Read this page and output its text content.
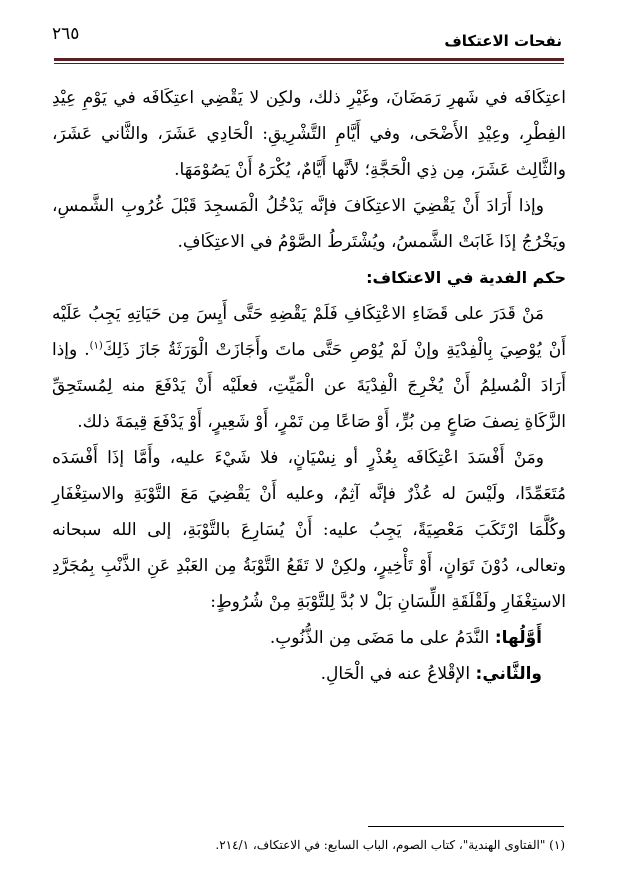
نفحات الاعتكاف
٢٦٥

اعتِكَافَه في شَهرِ رَمَضَانَ، وغَيْرِ ذلك، ولكِن لا يَقْضِي اعتِكَافَه في يَوْمِ عِيْدِ الفِطْرِ، وعِيْدِ الأَضْحَى، وفي أَيَّامِ التَّشْرِيقِ: الْحَادِي عَشَرَ، والثَّاني عَشَرَ، والثَّالِث عَشَرَ، مِن ذِي الْحَجَّةِ؛ لأنَّها أَيَّامٌ، يُكْرَهُ أَنْ يَصُوْمَهَا.

وإذا أَرَادَ أَنْ يَقْضِيَ الاعتِكَافَ فإنَّه يَدْخُلُ الْمَسجِدَ قَبْلَ غُرُوبِ الشَّمسِ، ويَخْرُجُ إذَا غَابَتْ الشَّمسُ، ويُشْتَرطُ الصَّوْمُ في الاعتِكَافِ.

حكم الفدية في الاعتكاف:

مَنْ قَدَرَ على قَضَاءِ الاعْتِكَافِ فَلَمْ يَقْضِهِ حَتَّى أَيِسَ مِن حَيَاتِهِ يَجِبُ عَلَيْه أَنْ يُوْصِيَ بِالْفِدْيَةِ وإنْ لَمْ يُوْصِ حَتَّى ماتَ وأَجَازَتْ الْوَرَثَةُ جَازَ ذَلِكَ$^{(١)}$. وإذا أَرَادَ الْمُسلِمُ أَنْ يُخْرِجَ الْفِدْيَةَ عن الْمَيِّتِ، فعلَيْه أَنْ يَدْفَعَ منه لِمُستَحِقِّ الزَّكَاةِ نِصفَ صَاعٍ مِن بُرٍّ، أَوْ صَاعًا مِن تَمْرٍ، أَوْ شَعِيرٍ، أَوْ يَدْفَعَ قِيمَةَ ذلك.

ومَنْ أَفْسَدَ اعْتِكَافَه بِعُذْرٍ أو نِسْيَانٍ، فلا شَيْءَ عليه، وأَمَّا إذَا أَفْسَدَه مُتَعَمِّدًا، ولَيْسَ له عُذْرٌ فإنَّه آثِمٌ، وعليه أَنْ يَقْضِيَ مَعَ التَّوْبَةِ والاستِغْفَارِ وكُلَّمَا ارْتَكَبَ مَعْصِيَةً، يَجِبُ عليه: أَنْ يُسَارِعَ بالتَّوْبَةِ، إلى الله سبحانه وتعالى، دُوْنَ تَوَانٍ، أَوْ تَأْخِيرٍ، ولكِنْ لا تَقَعُ التَّوْبَةُ مِن العَبْدِ عَنِ الذَّنْبِ بِمُجَرَّدِ الاستِغْفَارِ ولَقْلَقَةِ اللِّسَانِ بَلْ لا بُدَّ لِلتَّوْبَةِ مِنْ شُرُوطٍ:

أَوَّلُها: النَّدَمُ على ما مَضَى مِن الذُّنُوبِ.

والثَّاني: الإقْلاعُ عنه في الْحَالِ.

(١) "الفتاوى الهندية"، كتاب الصوم، الباب السابع: في الاعتكاف، ٢١٤/١.
